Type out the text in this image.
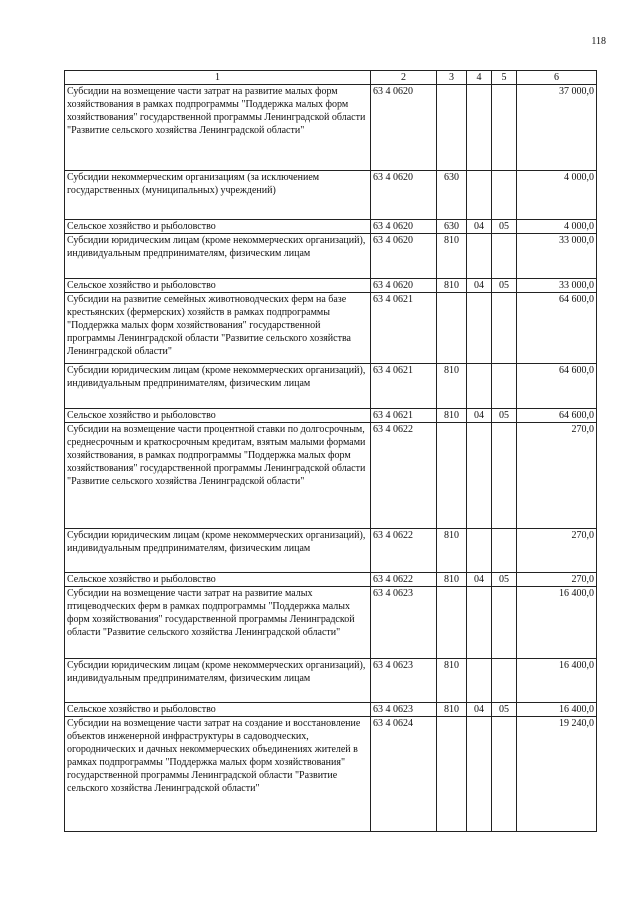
118
1	2	3	4	5	6
Субсидии на возмещение части затрат на развитие малых форм хозяйствования в рамках подпрограммы "Поддержка малых форм хозяйствования" государственной программы Ленинградской области "Развитие сельского хозяйства Ленинградской области"	63 4 0620				37 000,0
Субсидии некоммерческим организациям (за исключением государственных (муниципальных) учреждений)	63 4 0620	630			4 000,0
Сельское хозяйство и рыболовство	63 4 0620	630	04	05	4 000,0
Субсидии юридическим лицам (кроме некоммерческих организаций), индивидуальным предпринимателям, физическим лицам	63 4 0620	810			33 000,0
Сельское хозяйство и рыболовство	63 4 0620	810	04	05	33 000,0
Субсидии на развитие семейных животноводческих ферм на базе крестьянских (фермерских) хозяйств в рамках подпрограммы "Поддержка малых форм хозяйствования" государственной программы Ленинградской области "Развитие сельского хозяйства Ленинградской области"	63 4 0621				64 600,0
Субсидии юридическим лицам (кроме некоммерческих организаций), индивидуальным предпринимателям, физическим лицам	63 4 0621	810			64 600,0
Сельское хозяйство и рыболовство	63 4 0621	810	04	05	64 600,0
Субсидии на возмещение части процентной ставки по долгосрочным, среднесрочным и краткосрочным кредитам, взятым малыми формами хозяйствования, в рамках подпрограммы "Поддержка малых форм хозяйствования" государственной программы Ленинградской области "Развитие сельского хозяйства Ленинградской области"	63 4 0622				270,0
Субсидии юридическим лицам (кроме некоммерческих организаций), индивидуальным предпринимателям, физическим лицам	63 4 0622	810			270,0
Сельское хозяйство и рыболовство	63 4 0622	810	04	05	270,0
Субсидии на возмещение части затрат на развитие малых птицеводческих ферм в рамках подпрограммы "Поддержка малых форм хозяйствования" государственной программы Ленинградской области "Развитие сельского хозяйства Ленинградской области"	63 4 0623				16 400,0
Субсидии юридическим лицам (кроме некоммерческих организаций), индивидуальным предпринимателям, физическим лицам	63 4 0623	810			16 400,0
Сельское хозяйство и рыболовство	63 4 0623	810	04	05	16 400,0
Субсидии на возмещение части затрат на создание и восстановление объектов инженерной инфраструктуры в садоводческих, огороднических и дачных некоммерческих объединениях жителей в рамках подпрограммы "Поддержка малых форм хозяйствования" государственной программы Ленинградской области "Развитие сельского хозяйства Ленинградской области"	63 4 0624				19 240,0
